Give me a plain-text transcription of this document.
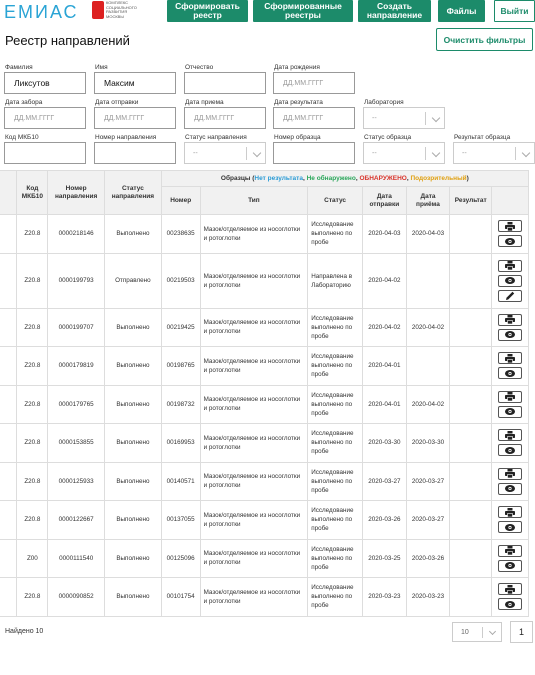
ЕМИАС	КОМПЛЕКС
СОЦИАЛЬНОГО
РАЗВИТИЯ
МОСКВЫ
Сформировать реестр
Сформированные реестры
Создать направление	Файлы	Выйти
Реестр направлений	Очистить фильтры
Фамилия
Ликсутов
Имя
Максим
Отчество	Дата рождения
ДД.ММ.ГГГГ
Дата забора
ДД.ММ.ГГГГ
Дата отправки
ДД.ММ.ГГГГ
Дата приема
ДД.ММ.ГГГГ
Дата результата
ДД.ММ.ГГГГ
Лаборатория
--
Код МКБ10	Номер направления	Статус направления
--
Номер образца	Статус образца
--
Результат образца
--
	Код МКБ10	Номер направления	Статус направления	Образцы (Нет результата, Не обнаружено, ОБНАРУЖЕНО, Подозрительный)						
				Номер	Тип	Статус	Дата отправки	Дата приёма	Результат	
	Z20.8	0000218146	Выполнено	00238635	Мазок/отделяемое из носоглотки и ротоглотки	Исследование выполнено по пробе	2020-04-03	2020-04-03		

	Z20.8	0000199793	Отправлено	00219503	Мазок/отделяемое из носоглотки и ротоглотки	Направлена в Лабораторию	2020-04-02			

	Z20.8	0000199707	Выполнено	00219425	Мазок/отделяемое из носоглотки и ротоглотки	Исследование выполнено по пробе	2020-04-02	2020-04-02		

	Z20.8	0000179819	Выполнено	00198765	Мазок/отделяемое из носоглотки и ротоглотки	Исследование выполнено по пробе	2020-04-01			

	Z20.8	0000179765	Выполнено	00198732	Мазок/отделяемое из носоглотки и ротоглотки	Исследование выполнено по пробе	2020-04-01	2020-04-02		

	Z20.8	0000153855	Выполнено	00169953	Мазок/отделяемое из носоглотки и ротоглотки	Исследование выполнено по пробе	2020-03-30	2020-03-30		

	Z20.8	0000125933	Выполнено	00140571	Мазок/отделяемое из носоглотки и ротоглотки	Исследование выполнено по пробе	2020-03-27	2020-03-27		

	Z20.8	0000122667	Выполнено	00137055	Мазок/отделяемое из носоглотки и ротоглотки	Исследование выполнено по пробе	2020-03-26	2020-03-27		

	Z00	0000111540	Выполнено	00125096	Мазок/отделяемое из носоглотки и ротоглотки	Исследование выполнено по пробе	2020-03-25	2020-03-26		

	Z20.8	0000090852	Выполнено	00101754	Мазок/отделяемое из носоглотки и ротоглотки	Исследование выполнено по пробе	2020-03-23	2020-03-23		
Найдено 10	10	1
